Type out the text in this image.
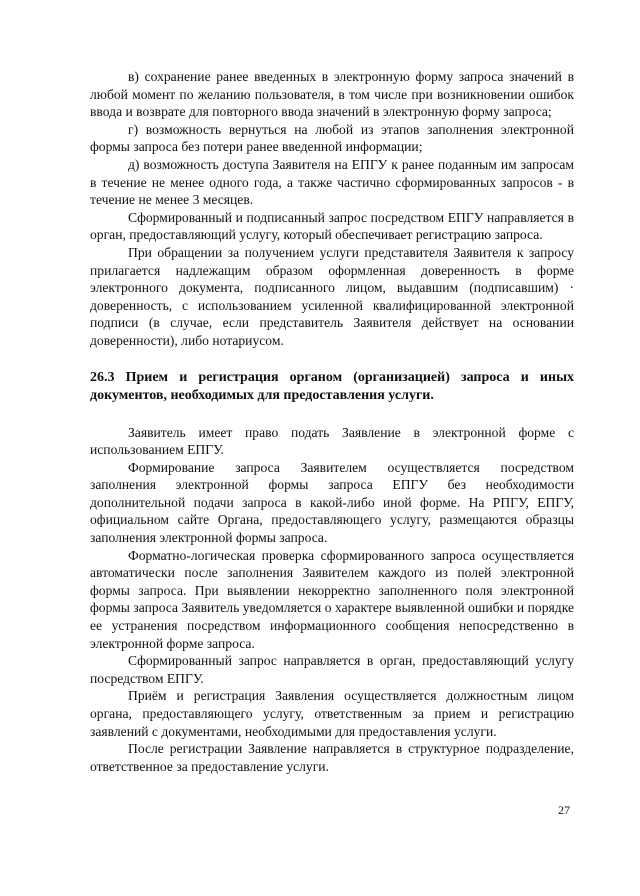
в) сохранение ранее введенных в электронную форму запроса значений в любой момент по желанию пользователя, в том числе при возникновении ошибок ввода и возврате для повторного ввода значений в электронную форму запроса;

г) возможность вернуться на любой из этапов заполнения электронной формы запроса без потери ранее введенной информации;

д) возможность доступа Заявителя на ЕПГУ к ранее поданным им запросам в течение не менее одного года, а также частично сформированных запросов - в течение не менее 3 месяцев.

Сформированный и подписанный запрос посредством ЕПГУ направляется в орган, предоставляющий услугу, который обеспечивает регистрацию запроса.

При обращении за получением услуги представителя Заявителя к запросу прилагается надлежащим образом оформленная доверенность в форме электронного документа, подписанного лицом, выдавшим (подписавшим) · доверенность, с использованием усиленной квалифицированной электронной подписи (в случае, если представитель Заявителя действует на основании доверенности), либо нотариусом.

26.3 Прием и регистрация органом (организацией) запроса и иных документов, необходимых для предоставления услуги.

Заявитель имеет право подать Заявление в электронной форме с использованием ЕПГУ.

Формирование запроса Заявителем осуществляется посредством заполнения электронной формы запроса ЕПГУ без необходимости дополнительной подачи запроса в какой-либо иной форме. На РПГУ, ЕПГУ, официальном сайте Органа, предоставляющего услугу, размещаются образцы заполнения электронной формы запроса.

Форматно-логическая проверка сформированного запроса осуществляется автоматически после заполнения Заявителем каждого из полей электронной формы запроса. При выявлении некорректно заполненного поля электронной формы запроса Заявитель уведомляется о характере выявленной ошибки и порядке ее устранения посредством информационного сообщения непосредственно в электронной форме запроса.

Сформированный запрос направляется в орган, предоставляющий услугу посредством ЕПГУ.

Приём и регистрация Заявления осуществляется должностным лицом органа, предоставляющего услугу, ответственным за прием и регистрацию заявлений с документами, необходимыми для предоставления услуги.

После регистрации Заявление направляется в структурное подразделение, ответственное за предоставление услуги.

27
